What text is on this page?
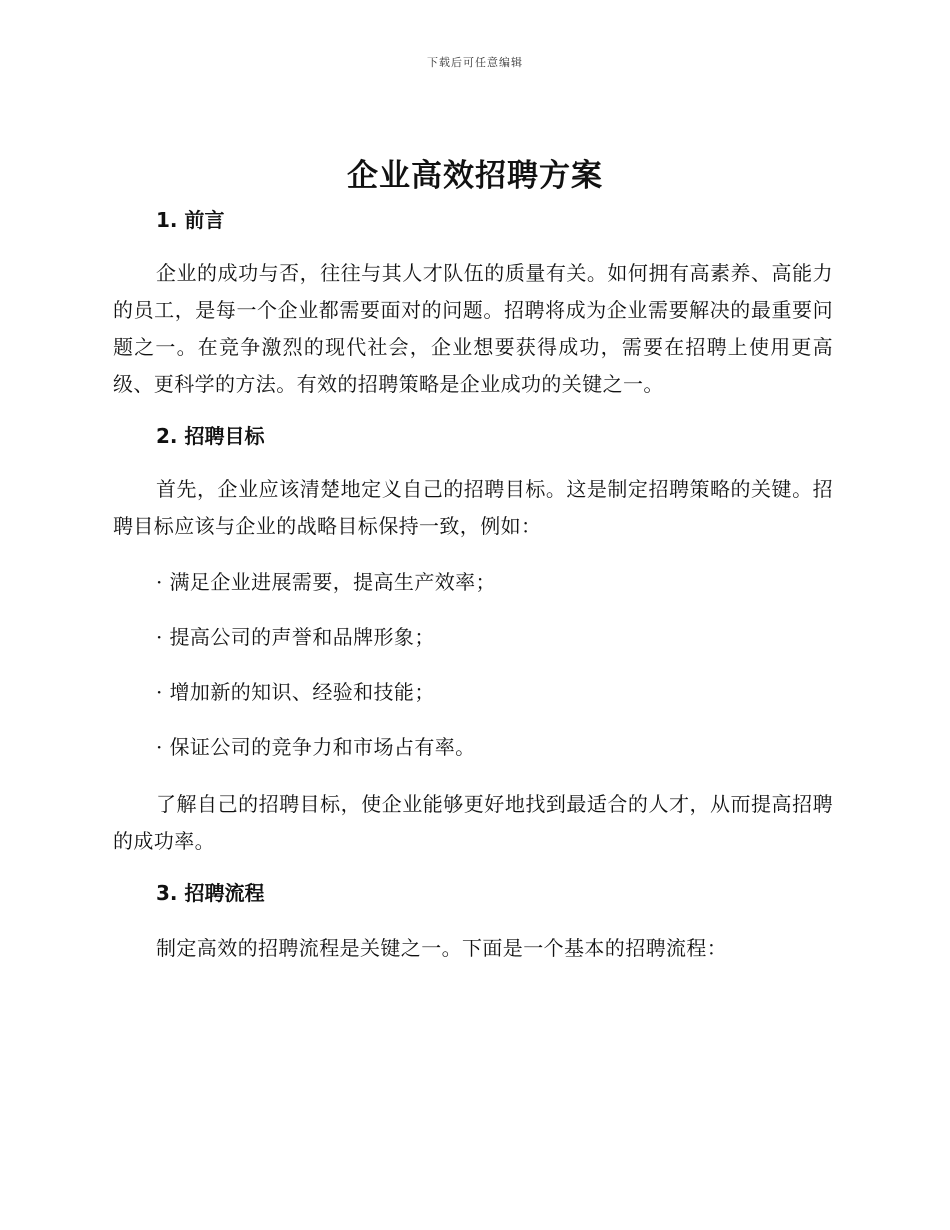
下载后可任意编辑
企业高效招聘方案
1. 前言

企业的成功与否，往往与其人才队伍的质量有关。如何拥有高素养、高能力的员工，是每一个企业都需要面对的问题。招聘将成为企业需要解决的最重要问题之一。在竞争激烈的现代社会，企业想要获得成功，需要在招聘上使用更高级、更科学的方法。有效的招聘策略是企业成功的关键之一。

2. 招聘目标

首先，企业应该清楚地定义自己的招聘目标。这是制定招聘策略的关键。招聘目标应该与企业的战略目标保持一致，例如：

· 满足企业进展需要，提高生产效率；

· 提高公司的声誉和品牌形象；

· 增加新的知识、经验和技能；

· 保证公司的竞争力和市场占有率。

了解自己的招聘目标，使企业能够更好地找到最适合的人才，从而提高招聘的成功率。

3. 招聘流程

制定高效的招聘流程是关键之一。下面是一个基本的招聘流程：
